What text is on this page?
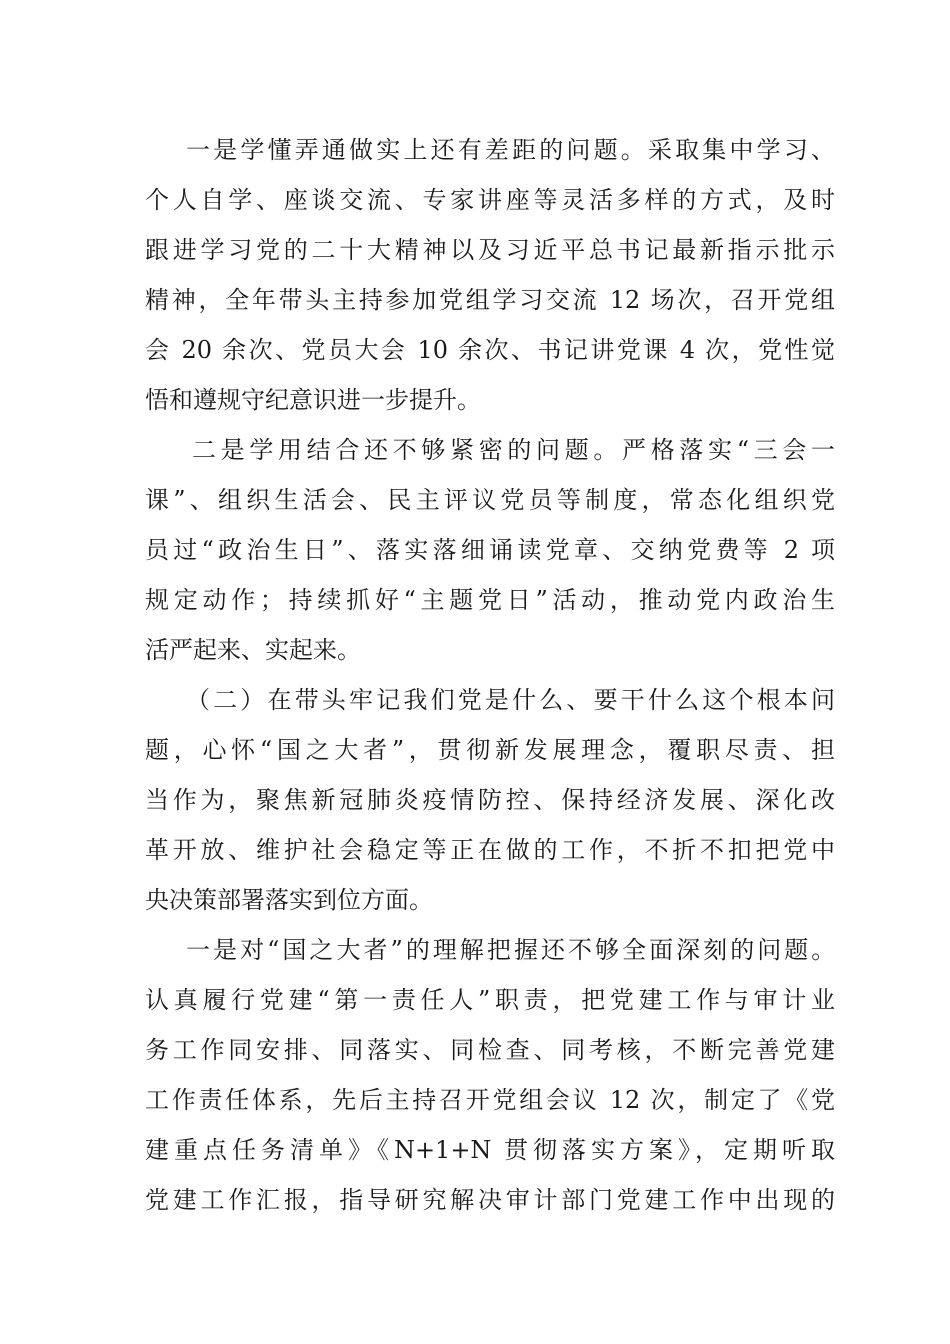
一是学懂弄通做实上还有差距的问题。采取集中学习、
个人自学、座谈交流、专家讲座等灵活多样的方式，及时
跟进学习党的二十大精神以及习近平总书记最新指示批示
精神，全年带头主持参加党组学习交流 12 场次，召开党组
会 20 余次、党员大会 10 余次、书记讲党课 4 次，党性觉
悟和遵规守纪意识进一步提升。
二是学用结合还不够紧密的问题。严格落实“三会一
课”、组织生活会、民主评议党员等制度，常态化组织党
员过“政治生日”、落实落细诵读党章、交纳党费等 2 项
规定动作；持续抓好“主题党日”活动，推动党内政治生
活严起来、实起来。
（二）在带头牢记我们党是什么、要干什么这个根本问
题，心怀“国之大者”，贯彻新发展理念，覆职尽责、担
当作为，聚焦新冠肺炎疫情防控、保持经济发展、深化改
革开放、维护社会稳定等正在做的工作，不折不扣把党中
央决策部署落实到位方面。
一是对“国之大者”的理解把握还不够全面深刻的问题。
认真履行党建“第一责任人”职责，把党建工作与审计业
务工作同安排、同落实、同检查、同考核，不断完善党建
工作责任体系，先后主持召开党组会议 12 次，制定了《党
建重点任务清单》《N+1+N 贯彻落实方案》，定期听取
党建工作汇报，指导研究解决审计部门党建工作中出现的
